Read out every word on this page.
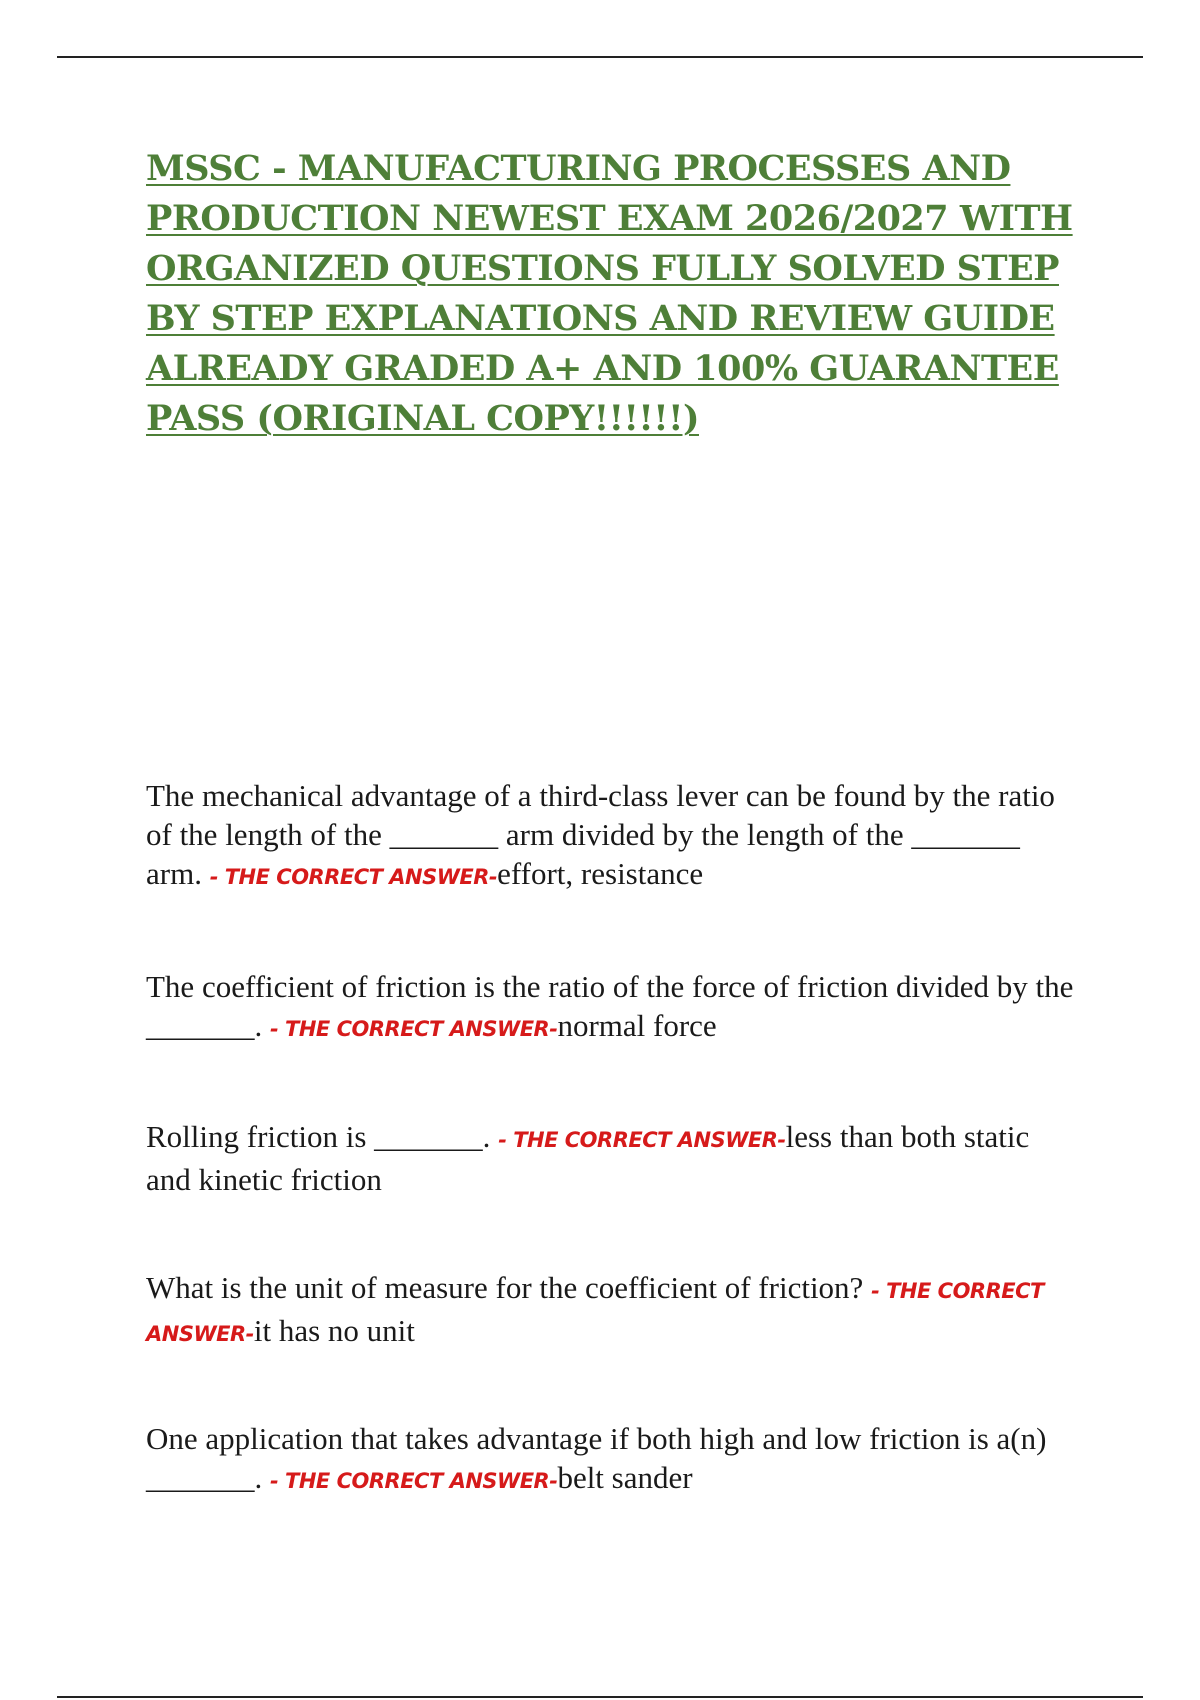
MSSC - MANUFACTURING PROCESSES AND PRODUCTION NEWEST EXAM 2026/2027 WITH ORGANIZED QUESTIONS FULLY SOLVED STEP BY STEP EXPLANATIONS AND REVIEW GUIDE ALREADY GRADED A+ AND 100% GUARANTEE PASS (ORIGINAL COPY!!!!!!)

The mechanical advantage of a third-class lever can be found by the ratio of the length of the _______ arm divided by the length of the _______ arm. - THE CORRECT ANSWER-effort, resistance

The coefficient of friction is the ratio of the force of friction divided by the _______. - THE CORRECT ANSWER-normal force

Rolling friction is _______. - THE CORRECT ANSWER-less than both static and kinetic friction

What is the unit of measure for the coefficient of friction? - THE CORRECT ANSWER-it has no unit

One application that takes advantage if both high and low friction is a(n) _______. - THE CORRECT ANSWER-belt sander
